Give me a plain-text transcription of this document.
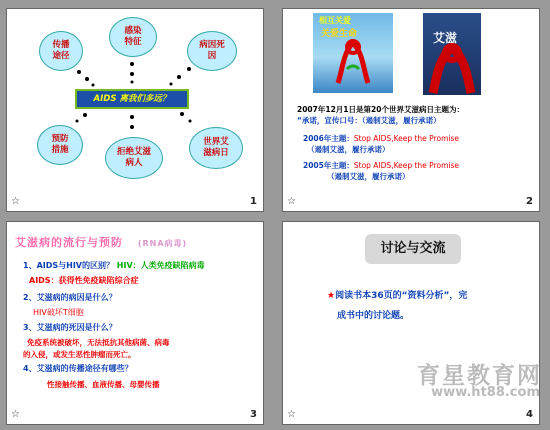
传播
途径
感染
特征	病因死
因
AIDS 离我们多远？
预防
措施	拒绝艾滋
病人
世界艾
滋病日
☆	1
相互关爱
关爱生命	艾滋
2007年12月1日是第20个世界艾滋病日主题为：
“承诺，宣传口号：（遏制艾滋，履行承诺）
2006年主题：Stop AIDS,Keep the Promise
（遏制艾滋，履行承诺）
2005年主题：Stop AIDS,Keep the Promise
（遏制艾滋，履行承诺）
☆	2
艾滋病的流行与预防 (RNA病毒)
1、AIDS与HIV的区别？ HIV：人类免疫缺陷病毒
AIDS：获得性免疫缺陷综合症
2、艾滋病的病因是什么？
HIV破坏T细胞
3、艾滋病的死因是什么？
免疫系统被破坏，无法抵抗其他病菌、病毒
的入侵，或发生恶性肿瘤而死亡。
4、艾滋病的传播途径有哪些？
性接触传播、血液传播、母婴传播
☆	3
讨论与交流
★阅读书本36页的“资料分析”，完
成书中的讨论题。
☆	4
育星教育网
www.ht88.com
